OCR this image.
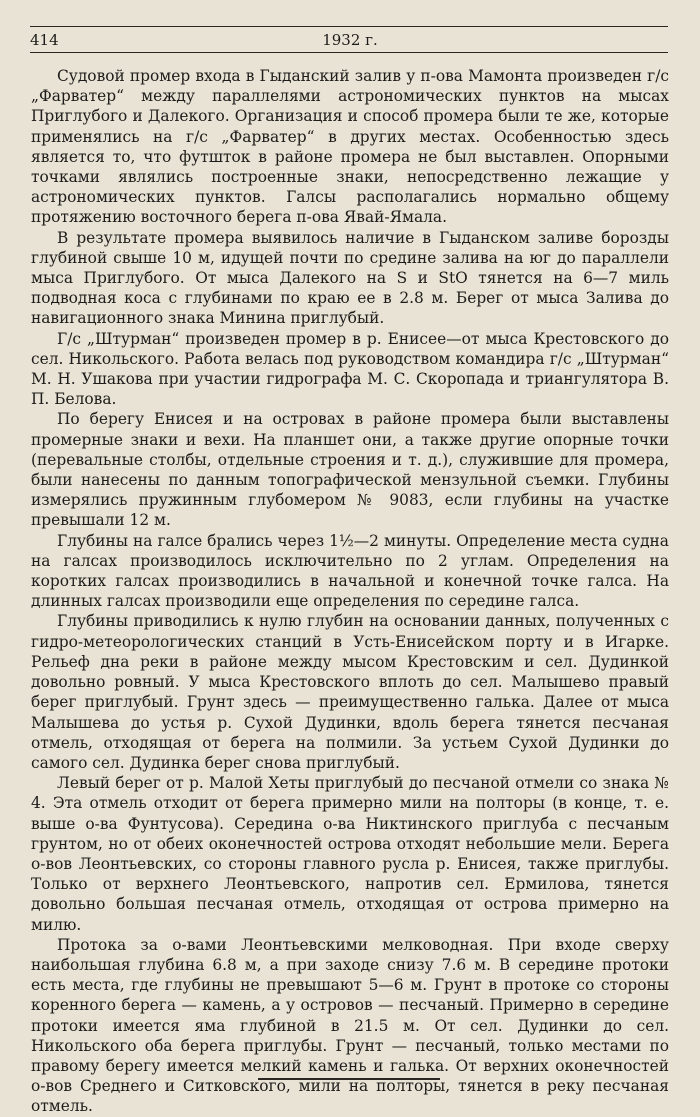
414	1932 г.

Судовой промер входа в Гыданский залив у п-ова Мамонта произведен г/с „Фарватер“ между параллелями астрономических пунктов на мысах Приглубого и Далекого. Организация и способ промера были те же, которые применялись на г/с „Фарватер“ в других местах. Особенностью здесь является то, что футшток в районе промера не был выставлен. Опорными точками являлись построенные знаки, непосредственно лежащие у астрономических пунктов. Галсы располагались нормально общему протяжению восточного берега п-ова Явай-Ямала.

В результате промера выявилось наличие в Гыданском заливе борозды глубиной свыше 10 м, идущей почти по средине залива на юг до параллели мыса Приглубого. От мыса Далекого на S и StO тянется на 6—7 миль подводная коса с глубинами по краю ее в 2.8 м. Берег от мыса Залива до навигационного знака Минина приглубый.

Г/с „Штурман“ произведен промер в р. Енисее—от мыса Крестовского до сел. Никольского. Работа велась под руководством командира г/с „Штурман“ М. Н. Ушакова при участии гидрографа М. С. Скоропада и триангулятора В. П. Белова.

По берегу Енисея и на островах в районе промера были выставлены промерные знаки и вехи. На планшет они, а также другие опорные точки (перевальные столбы, отдельные строения и т. д.), служившие для промера, были нанесены по данным топографической мензульной съемки. Глубины измерялись пружинным глубомером № 9083, если глубины на участке превышали 12 м.

Глубины на галсе брались через 1½—2 минуты. Определение места судна на галсах производилось исключительно по 2 углам. Определения на коротких галсах производились в начальной и конечной точке галса. На длинных галсах производили еще определения по середине галса.

Глубины приводились к нулю глубин на основании данных, полученных с гидро-метеорологических станций в Усть-Енисейском порту и в Игарке. Рельеф дна реки в районе между мысом Крестовским и сел. Дудинкой довольно ровный. У мыса Крестовского вплоть до сел. Малышево правый берег приглубый. Грунт здесь — преимущественно галька. Далее от мыса Малышева до устья р. Сухой Дудинки, вдоль берега тянется песчаная отмель, отходящая от берега на полмили. За устьем Сухой Дудинки до самого сел. Дудинка берег снова приглубый.

Левый берег от р. Малой Хеты приглубый до песчаной отмели со знака № 4. Эта отмель отходит от берега примерно мили на полторы (в конце, т. е. выше о-ва Фунтусова). Середина о-ва Никтинского приглуба с песчаным грунтом, но от обеих оконечностей острова отходят небольшие мели. Берега о-вов Леонтьевских, со стороны главного русла р. Енисея, также приглубы. Только от верхнего Леонтьевского, напротив сел. Ермилова, тянется довольно большая песчаная отмель, отходящая от острова примерно на милю.

Протока за о-вами Леонтьевскими мелководная. При входе сверху наибольшая глубина 6.8 м, а при заходе снизу 7.6 м. В середине протоки есть места, где глубины не превышают 5—6 м. Грунт в протоке со стороны коренного берега — камень, а у островов — песчаный. Примерно в середине протоки имеется яма глубиной в 21.5 м. От сел. Дудинки до сел. Никольского оба берега приглубы. Грунт — песчаный, только местами по правому берегу имеется мелкий камень и галька. От верхних оконечностей о-вов Среднего и Ситковского, мили на полторы, тянется в реку песчаная отмель.
